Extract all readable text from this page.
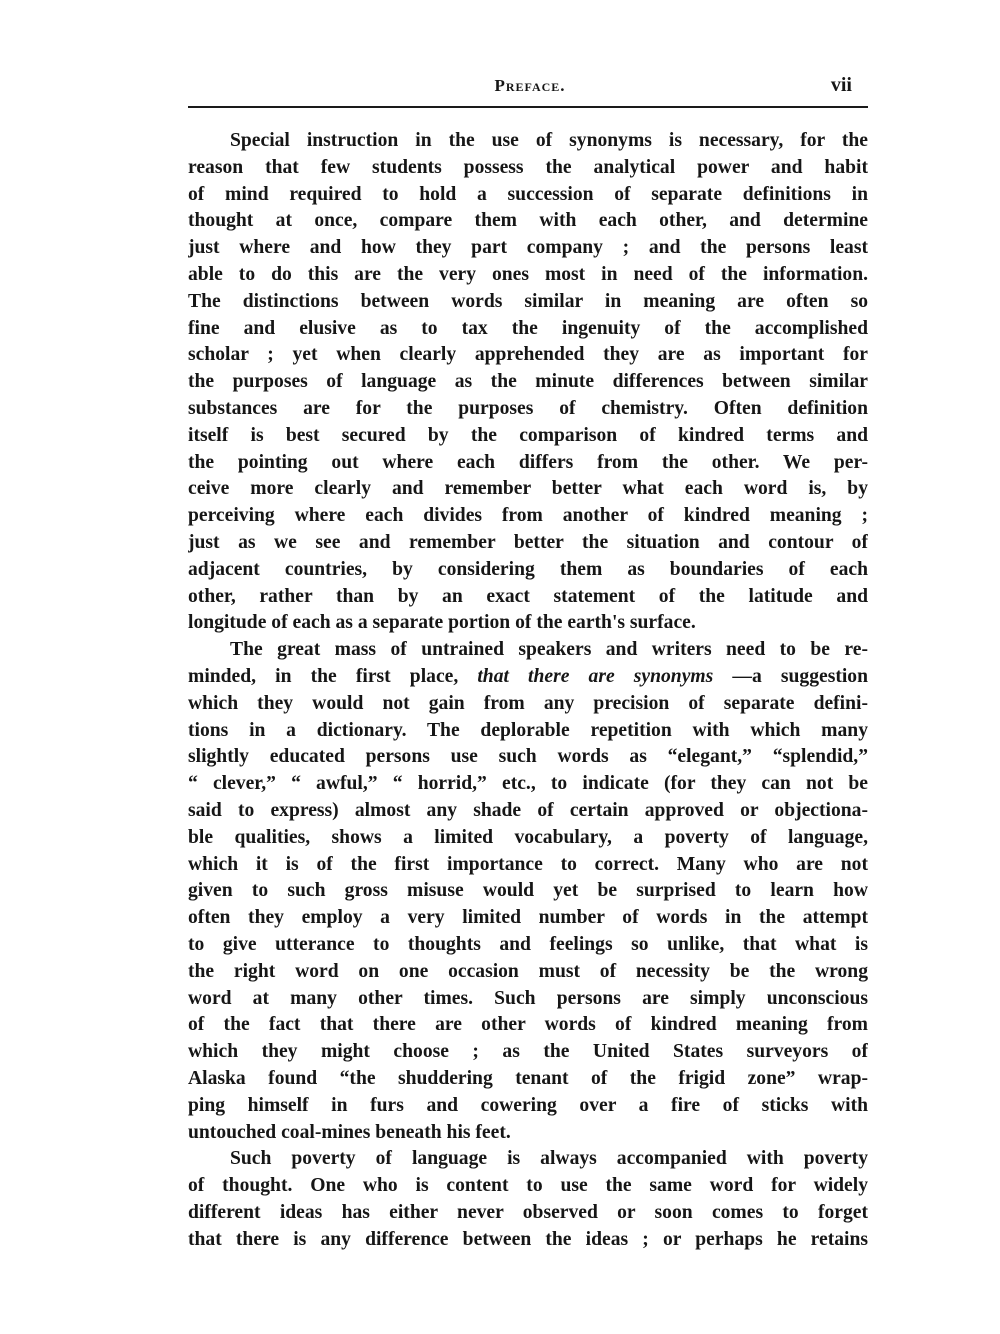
Preface.	vii
Special instruction in the use of synonyms is necessary, for the
reason that few students possess the analytical power and habit
of mind required to hold a succession of separate definitions in
thought at once, compare them with each other, and determine
just where and how they part company ; and the persons least
able to do this are the very ones most in need of the information.
The distinctions between words similar in meaning are often so
fine and elusive as to tax the ingenuity of the accomplished
scholar ; yet when clearly apprehended they are as important for
the purposes of language as the minute differences between similar
substances are for the purposes of chemistry. Often definition
itself is best secured by the comparison of kindred terms and
the pointing out where each differs from the other. We per-
ceive more clearly and remember better what each word is, by
perceiving where each divides from another of kindred meaning ;
just as we see and remember better the situation and contour of
adjacent countries, by considering them as boundaries of each
other, rather than by an exact statement of the latitude and
longitude of each as a separate portion of the earth's surface.
The great mass of untrained speakers and writers need to be re-
minded, in the first place, that there are synonyms —a suggestion
which they would not gain from any precision of separate defini-
tions in a dictionary. The deplorable repetition with which many
slightly educated persons use such words as “elegant,” “splendid,”
“ clever,” “ awful,” “ horrid,” etc., to indicate (for they can not be
said to express) almost any shade of certain approved or objectiona-
ble qualities, shows a limited vocabulary, a poverty of language,
which it is of the first importance to correct. Many who are not
given to such gross misuse would yet be surprised to learn how
often they employ a very limited number of words in the attempt
to give utterance to thoughts and feelings so unlike, that what is
the right word on one occasion must of necessity be the wrong
word at many other times. Such persons are simply unconscious
of the fact that there are other words of kindred meaning from
which they might choose ; as the United States surveyors of
Alaska found “the shuddering tenant of the frigid zone” wrap-
ping himself in furs and cowering over a fire of sticks with
untouched coal-mines beneath his feet.
Such poverty of language is always accompanied with poverty
of thought. One who is content to use the same word for widely
different ideas has either never observed or soon comes to forget
that there is any difference between the ideas ; or perhaps he retains
